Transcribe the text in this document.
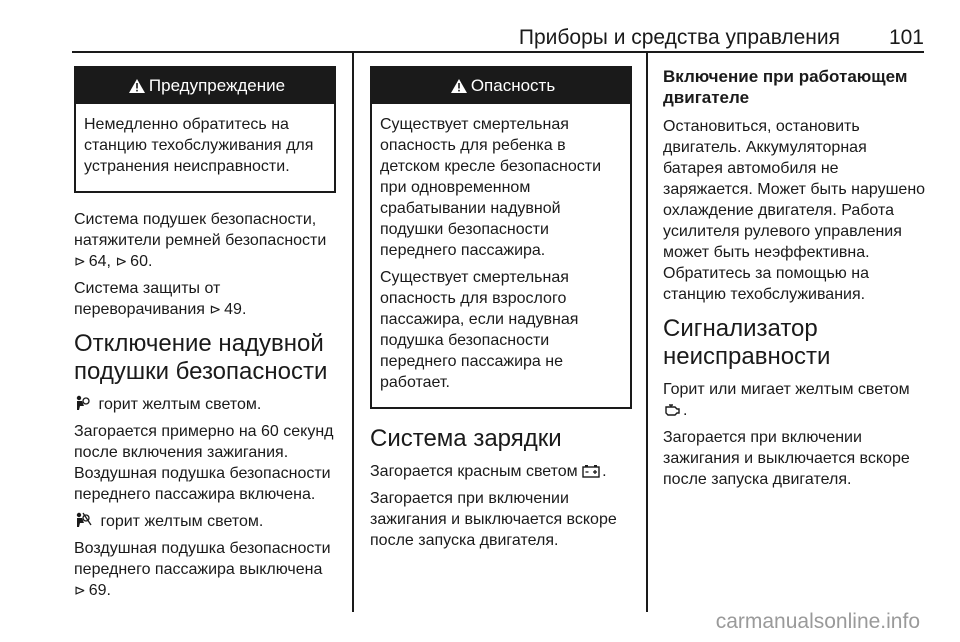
Приборы и средства управления 101
Предупреждение

Немедленно обратитесь на станцию техобслуживания для устранения неисправности.

Система подушек безопасности, натяжители ремней безопасности
⊳ 64, ⊳ 60.

Система защиты от переворачивания ⊳ 49.

Отключение надувной подушки безопасности

горит желтым светом.

Загорается примерно на 60 секунд после включения зажигания. Воздушная подушка безопасности переднего пассажира включена.

горит желтым светом.

Воздушная подушка безопасности переднего пассажира выключена
⊳ 69.

Опасность

Существует смертельная опасность для ребенка в детском кресле безопасности при одновременном срабатывании надувной подушки безопасности переднего пассажира.

Существует смертельная опасность для взрослого пассажира, если надувная подушка безопасности переднего пассажира не работает.

Система зарядки

Загорается красным светом .

Загорается при включении зажигания и выключается вскоре после запуска двигателя.

Включение при работающем двигателе

Остановиться, остановить двигатель. Аккумуляторная батарея автомобиля не заряжается. Может быть нарушено охлаждение двигателя. Работа усилителя рулевого управления может быть неэффективна. Обратитесь за помощью на станцию техобслуживания.

Сигнализатор неисправности

Горит или мигает желтым светом .

Загорается при включении зажигания и выключается вскоре после запуска двигателя.

carmanualsonline.info
